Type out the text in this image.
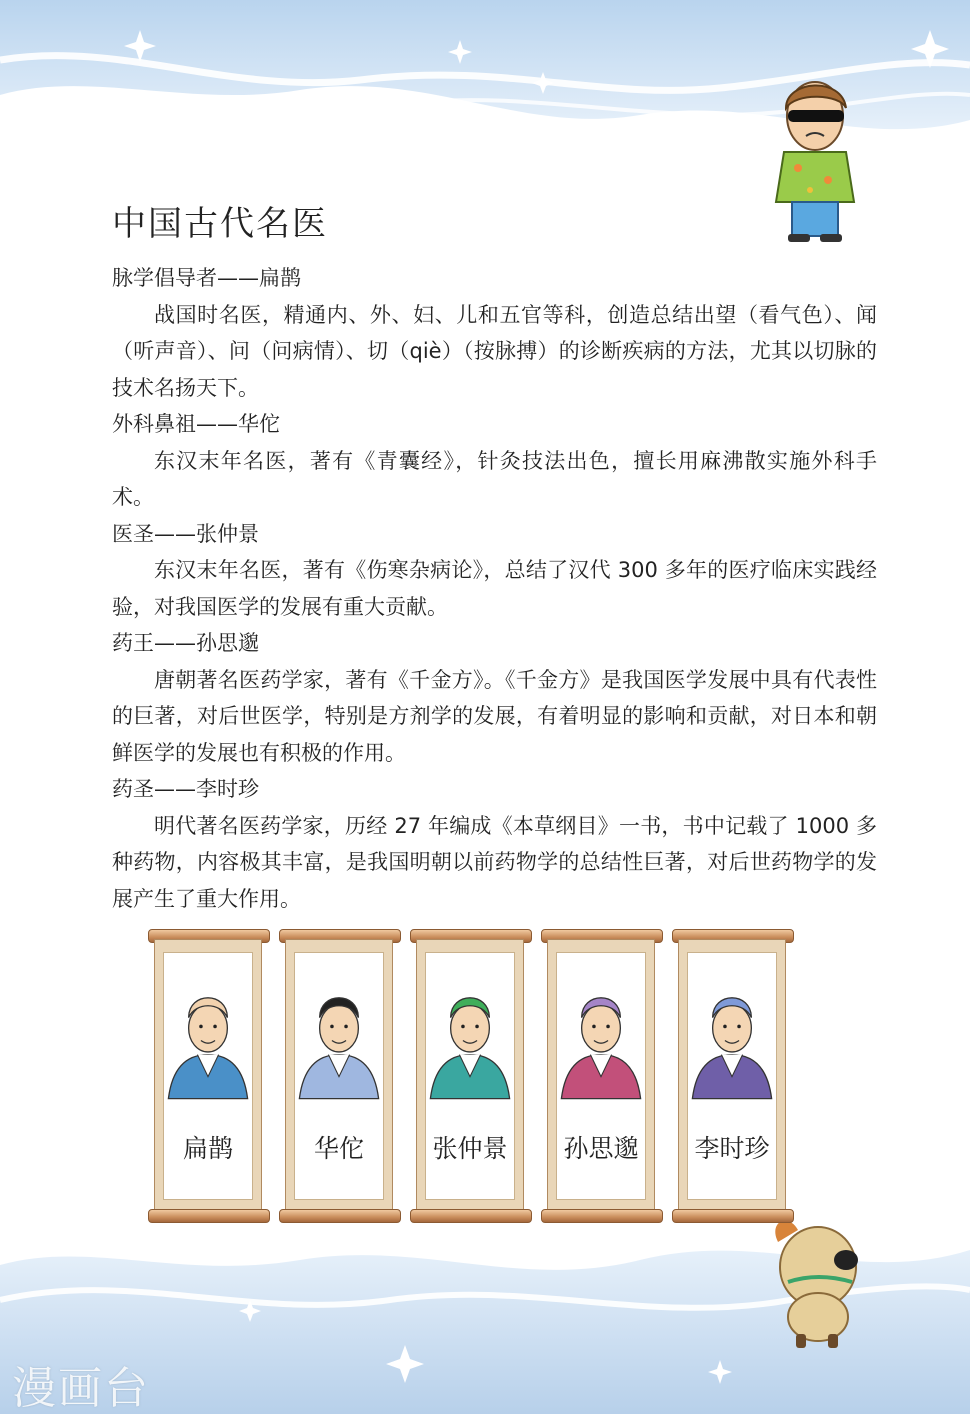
中国古代名医
脉学倡导者——扁鹊
战国时名医，精通内、外、妇、儿和五官等科，创造总结出望（看气色）、闻（听声音）、问（问病情）、切（qiè）（按脉搏）的诊断疾病的方法，尤其以切脉的技术名扬天下。
外科鼻祖——华佗
东汉末年名医，著有《青囊经》，针灸技法出色，擅长用麻沸散实施外科手术。
医圣——张仲景
东汉末年名医，著有《伤寒杂病论》，总结了汉代 300 多年的医疗临床实践经验，对我国医学的发展有重大贡献。
药王——孙思邈
唐朝著名医药学家，著有《千金方》。《千金方》是我国医学发展中具有代表性的巨著，对后世医学，特别是方剂学的发展，有着明显的影响和贡献，对日本和朝鲜医学的发展也有积极的作用。
药圣——李时珍
明代著名医药学家，历经 27 年编成《本草纲目》一书，书中记载了 1000 多种药物，内容极其丰富，是我国明朝以前药物学的总结性巨著，对后世药物学的发展产生了重大作用。
扁鹊	华佗	张仲景 孙思邈 李时珍
漫画台
